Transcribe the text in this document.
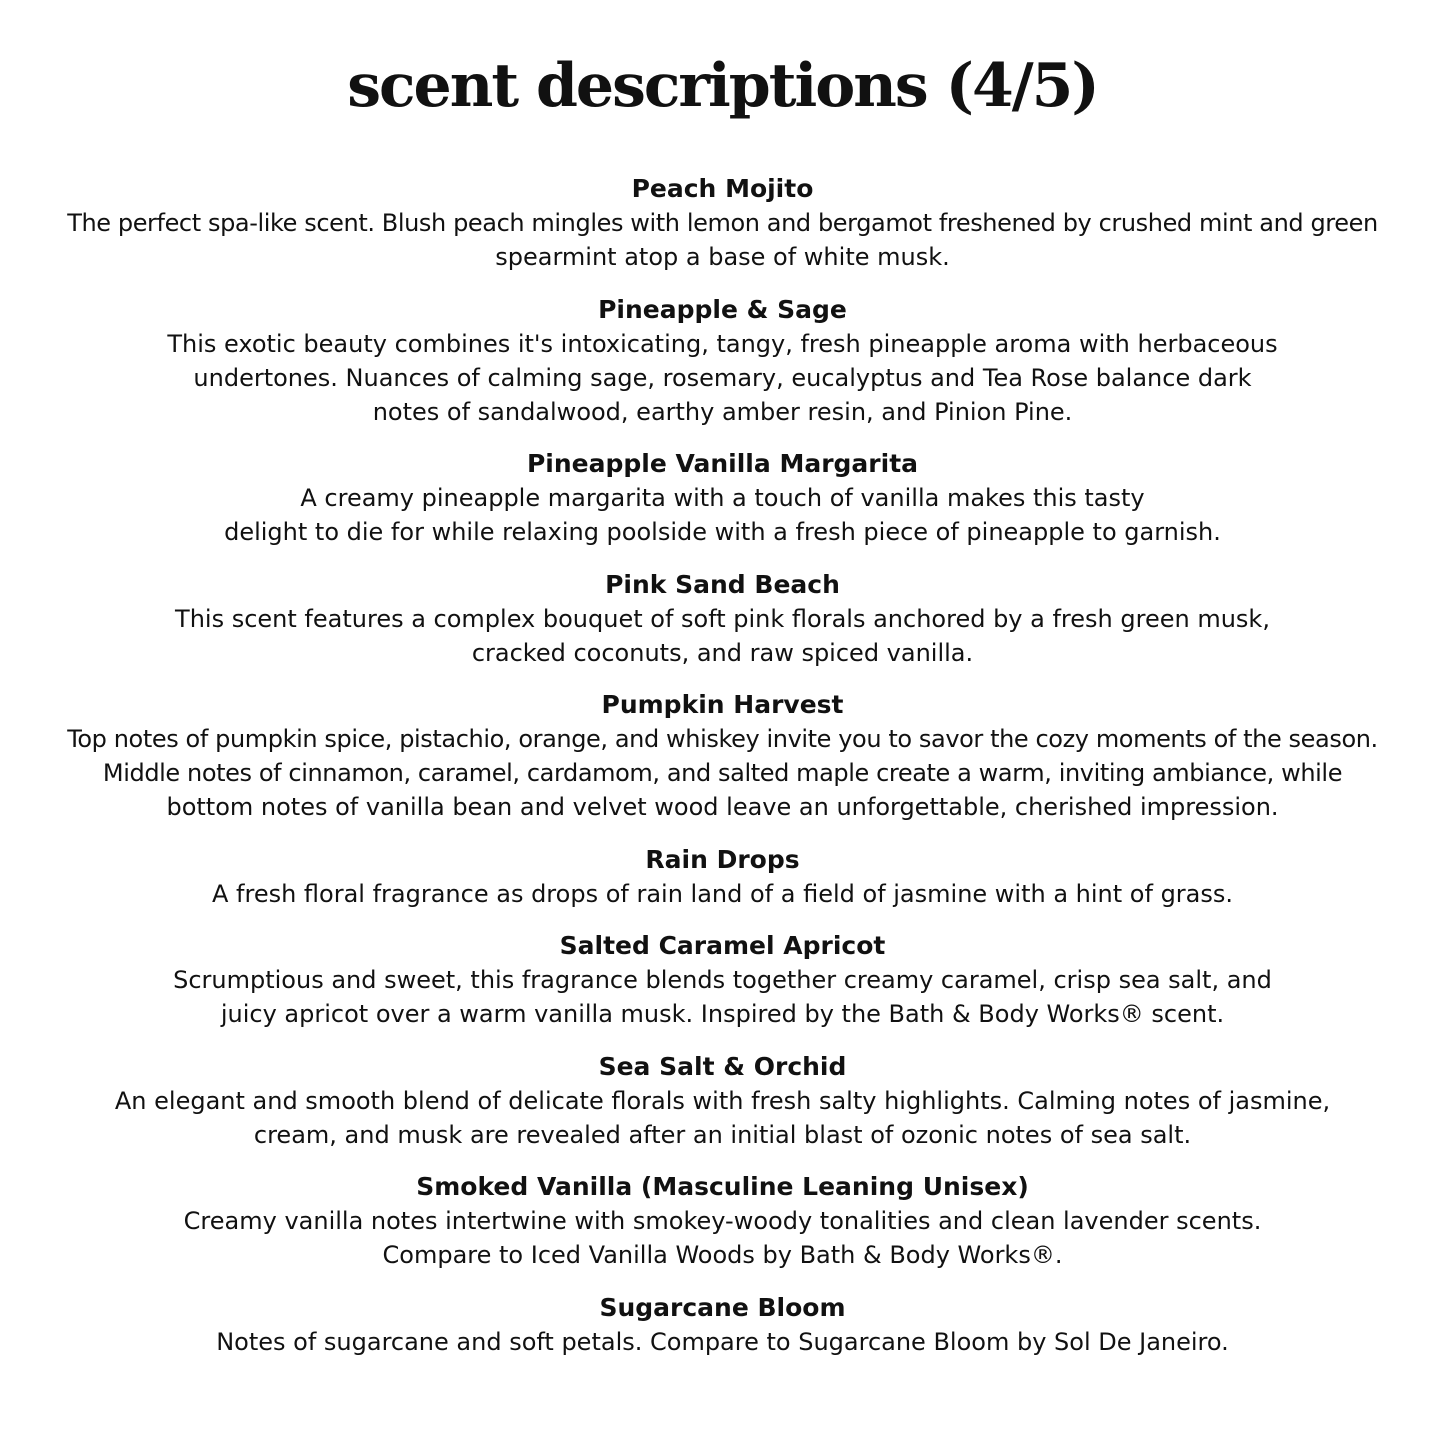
scent descriptions (4/5)
Peach Mojito
The perfect spa-like scent. Blush peach mingles with lemon and bergamot freshened by crushed mint and green
spearmint atop a base of white musk.
Pineapple & Sage
This exotic beauty combines it's intoxicating, tangy, fresh pineapple aroma with herbaceous
undertones. Nuances of calming sage, rosemary, eucalyptus and Tea Rose balance dark
notes of sandalwood, earthy amber resin, and Pinion Pine.
Pineapple Vanilla Margarita
A creamy pineapple margarita with a touch of vanilla makes this tasty
delight to die for while relaxing poolside with a fresh piece of pineapple to garnish.
Pink Sand Beach
This scent features a complex bouquet of soft pink florals anchored by a fresh green musk,
cracked coconuts, and raw spiced vanilla.
Pumpkin Harvest
Top notes of pumpkin spice, pistachio, orange, and whiskey invite you to savor the cozy moments of the season.
Middle notes of cinnamon, caramel, cardamom, and salted maple create a warm, inviting ambiance, while
bottom notes of vanilla bean and velvet wood leave an unforgettable, cherished impression.
Rain Drops
A fresh floral fragrance as drops of rain land of a field of jasmine with a hint of grass.
Salted Caramel Apricot
Scrumptious and sweet, this fragrance blends together creamy caramel, crisp sea salt, and
juicy apricot over a warm vanilla musk. Inspired by the Bath & Body Works® scent.
Sea Salt & Orchid
An elegant and smooth blend of delicate florals with fresh salty highlights. Calming notes of jasmine,
cream, and musk are revealed after an initial blast of ozonic notes of sea salt.
Smoked Vanilla (Masculine Leaning Unisex)
Creamy vanilla notes intertwine with smokey-woody tonalities and clean lavender scents.
Compare to Iced Vanilla Woods by Bath & Body Works®.
Sugarcane Bloom
Notes of sugarcane and soft petals. Compare to Sugarcane Bloom by Sol De Janeiro.
